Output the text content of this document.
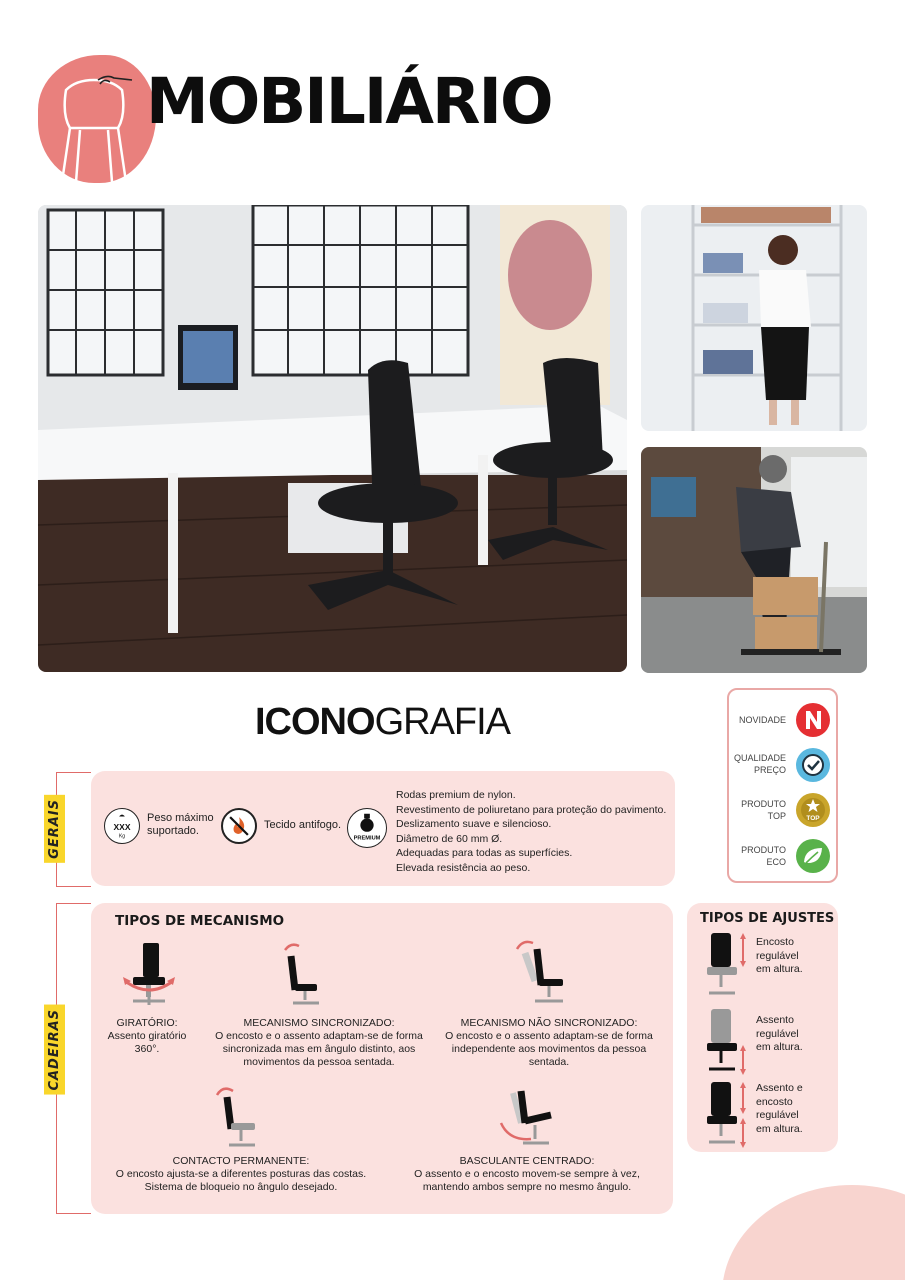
MOBILIÁRIO
ICONOGRAFIA	NOVIDADE
QUALIDADE
PREÇO
PRODUTO
TOP	TOP
PRODUTO
ECO
GERAIS	XXX
Kg
Peso máximo
suportado.	Tecido antifogo.
PREMIUM
Rodas premium de nylon.
Revestimento de poliuretano para proteção do pavimento.
Deslizamento suave e silencioso.
Diâmetro de 60 mm Ø.
Adequadas para todas as superfícies.
Elevada resistência ao peso.
CADEIRAS
TIPOS DE MECANISMO
GIRATÓRIO:
Assento giratório
360°.
MECANISMO SINCRONIZADO:
O encosto e o assento adaptam-se de forma
sincronizada mas em ângulo distinto, aos
movimentos da pessoa sentada.
MECANISMO NÃO SINCRONIZADO:
O encosto e o assento adaptam-se de forma
independente aos movimentos da pessoa
sentada.
CONTACTO PERMANENTE:
O encosto ajusta-se a diferentes posturas das costas.
Sistema de bloqueio no ângulo desejado.
BASCULANTE CENTRADO:
O assento e o encosto movem-se sempre à vez,
mantendo ambos sempre no mesmo ângulo.
TIPOS DE AJUSTES
Encosto
regulável
em altura.
Assento
regulável
em altura.
Assento e
encosto
regulável
em altura.
